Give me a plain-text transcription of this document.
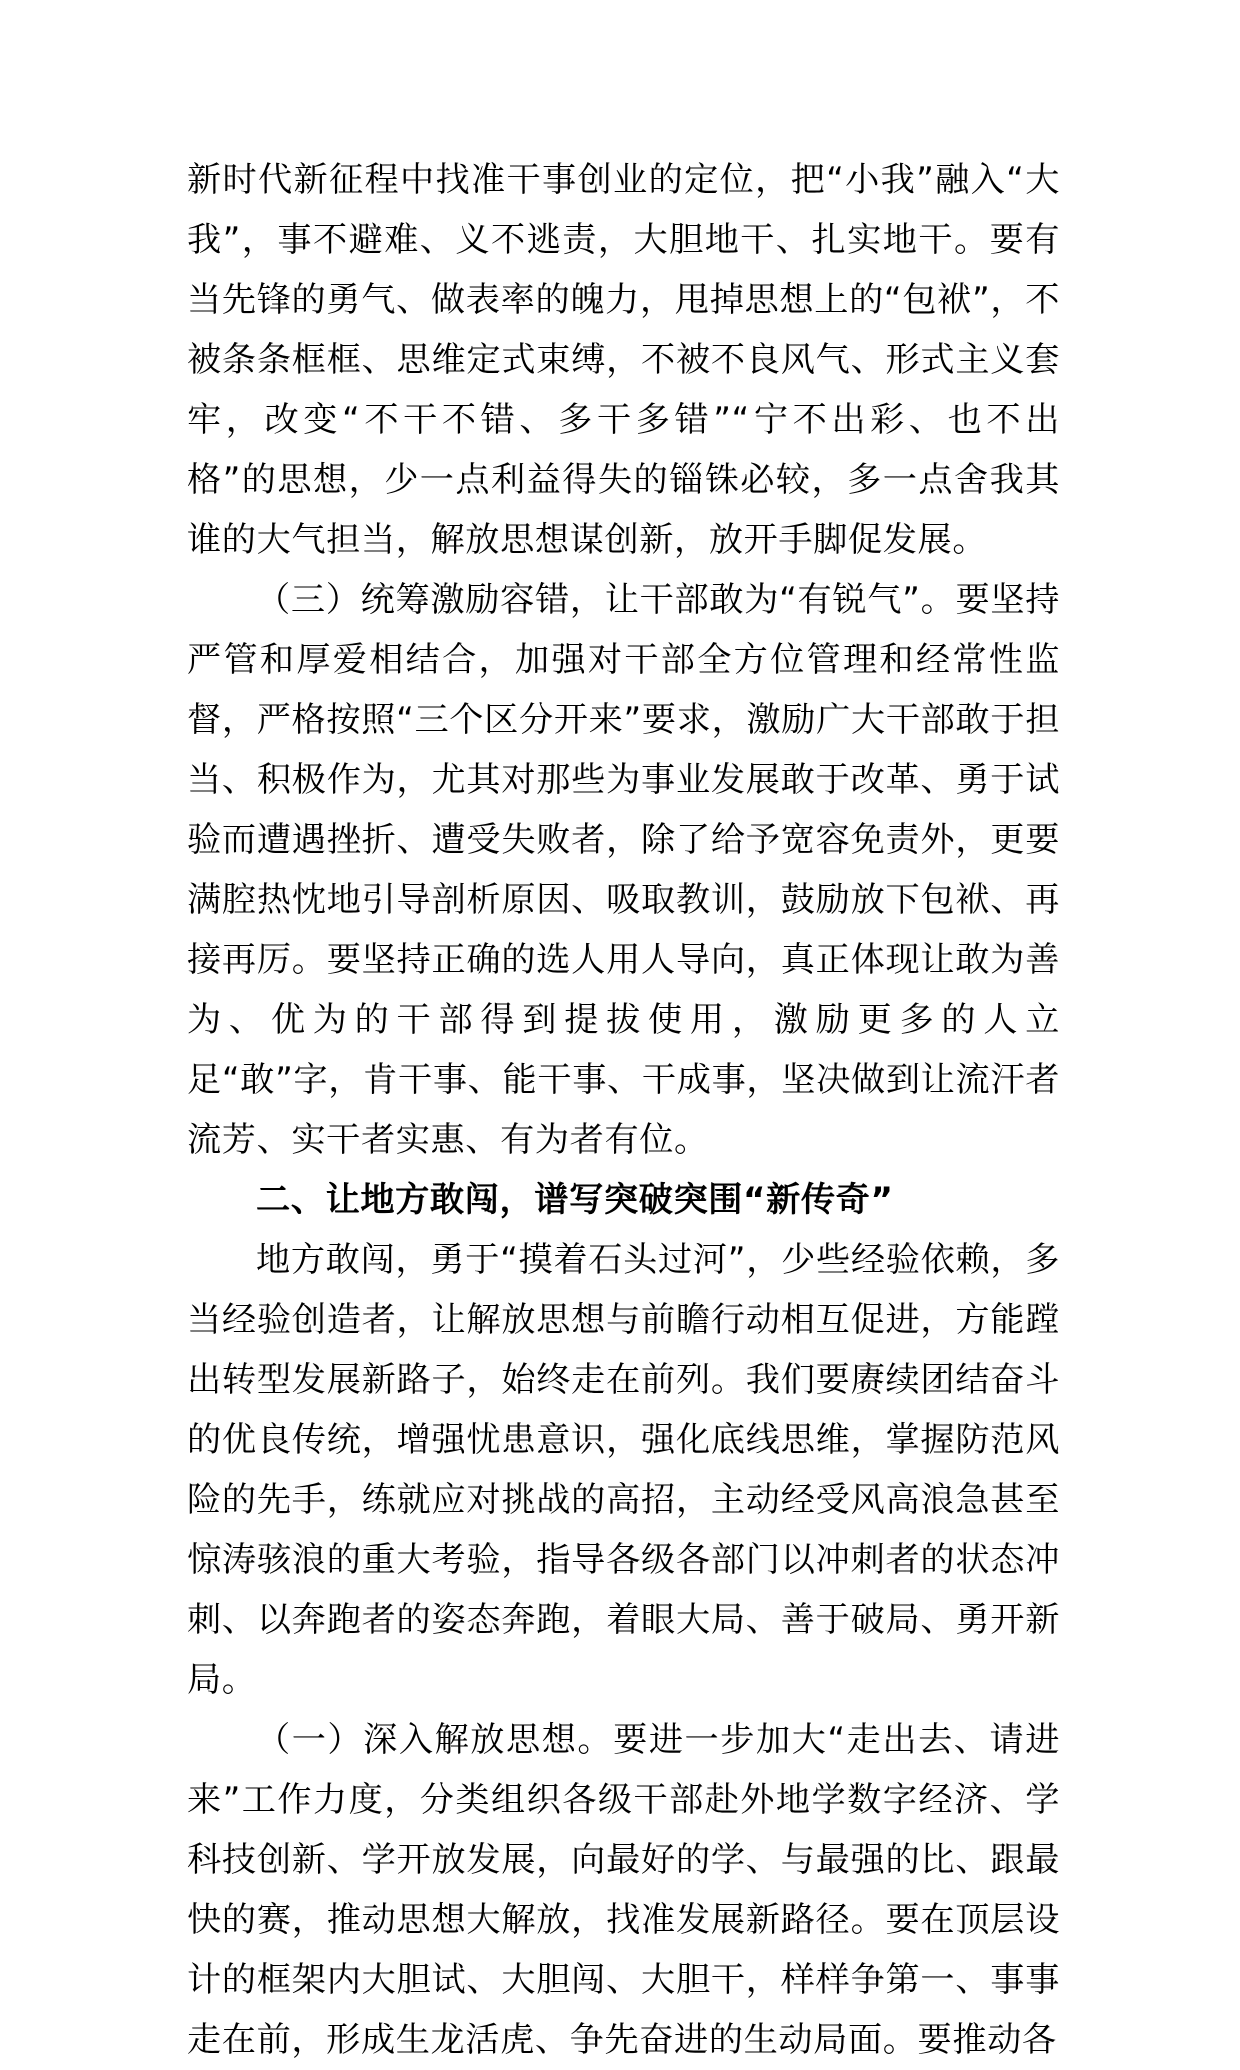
新时代新征程中找准干事创业的定位，把“小我”融入“大我”，事不避难、义不逃责，大胆地干、扎实地干。要有当先锋的勇气、做表率的魄力，甩掉思想上的“包袱”，不被条条框框、思维定式束缚，不被不良风气、形式主义套牢，改变“不干不错、多干多错”“宁不出彩、也不出格”的思想，少一点利益得失的锱铢必较，多一点舍我其谁的大气担当，解放思想谋创新，放开手脚促发展。

（三）统筹激励容错，让干部敢为“有锐气”。要坚持严管和厚爱相结合，加强对干部全方位管理和经常性监督，严格按照“三个区分开来”要求，激励广大干部敢于担当、积极作为，尤其对那些为事业发展敢于改革、勇于试验而遭遇挫折、遭受失败者，除了给予宽容免责外，更要满腔热忱地引导剖析原因、吸取教训，鼓励放下包袱、再接再厉。要坚持正确的选人用人导向，真正体现让敢为善为、优为的干部得到提拔使用，激励更多的人立足“敢”字，肯干事、能干事、干成事，坚决做到让流汗者流芳、实干者实惠、有为者有位。

二、让地方敢闯，谱写突破突围“新传奇”

地方敢闯，勇于“摸着石头过河”，少些经验依赖，多当经验创造者，让解放思想与前瞻行动相互促进，方能蹚出转型发展新路子，始终走在前列。我们要赓续团结奋斗的优良传统，增强忧患意识，强化底线思维，掌握防范风险的先手，练就应对挑战的高招，主动经受风高浪急甚至惊涛骇浪的重大考验，指导各级各部门以冲刺者的状态冲刺、以奔跑者的姿态奔跑，着眼大局、善于破局、勇开新局。

（一）深入解放思想。要进一步加大“走出去、请进来”工作力度，分类组织各级干部赴外地学数字经济、学科技创新、学开放发展，向最好的学、与最强的比、跟最快的赛，推动思想大解放，找准发展新路径。要在顶层设计的框架内大胆试、大胆闯、大胆干，样样争第一、事事走在前，形成生龙活虎、争先奋进的生动局面。要推动各
